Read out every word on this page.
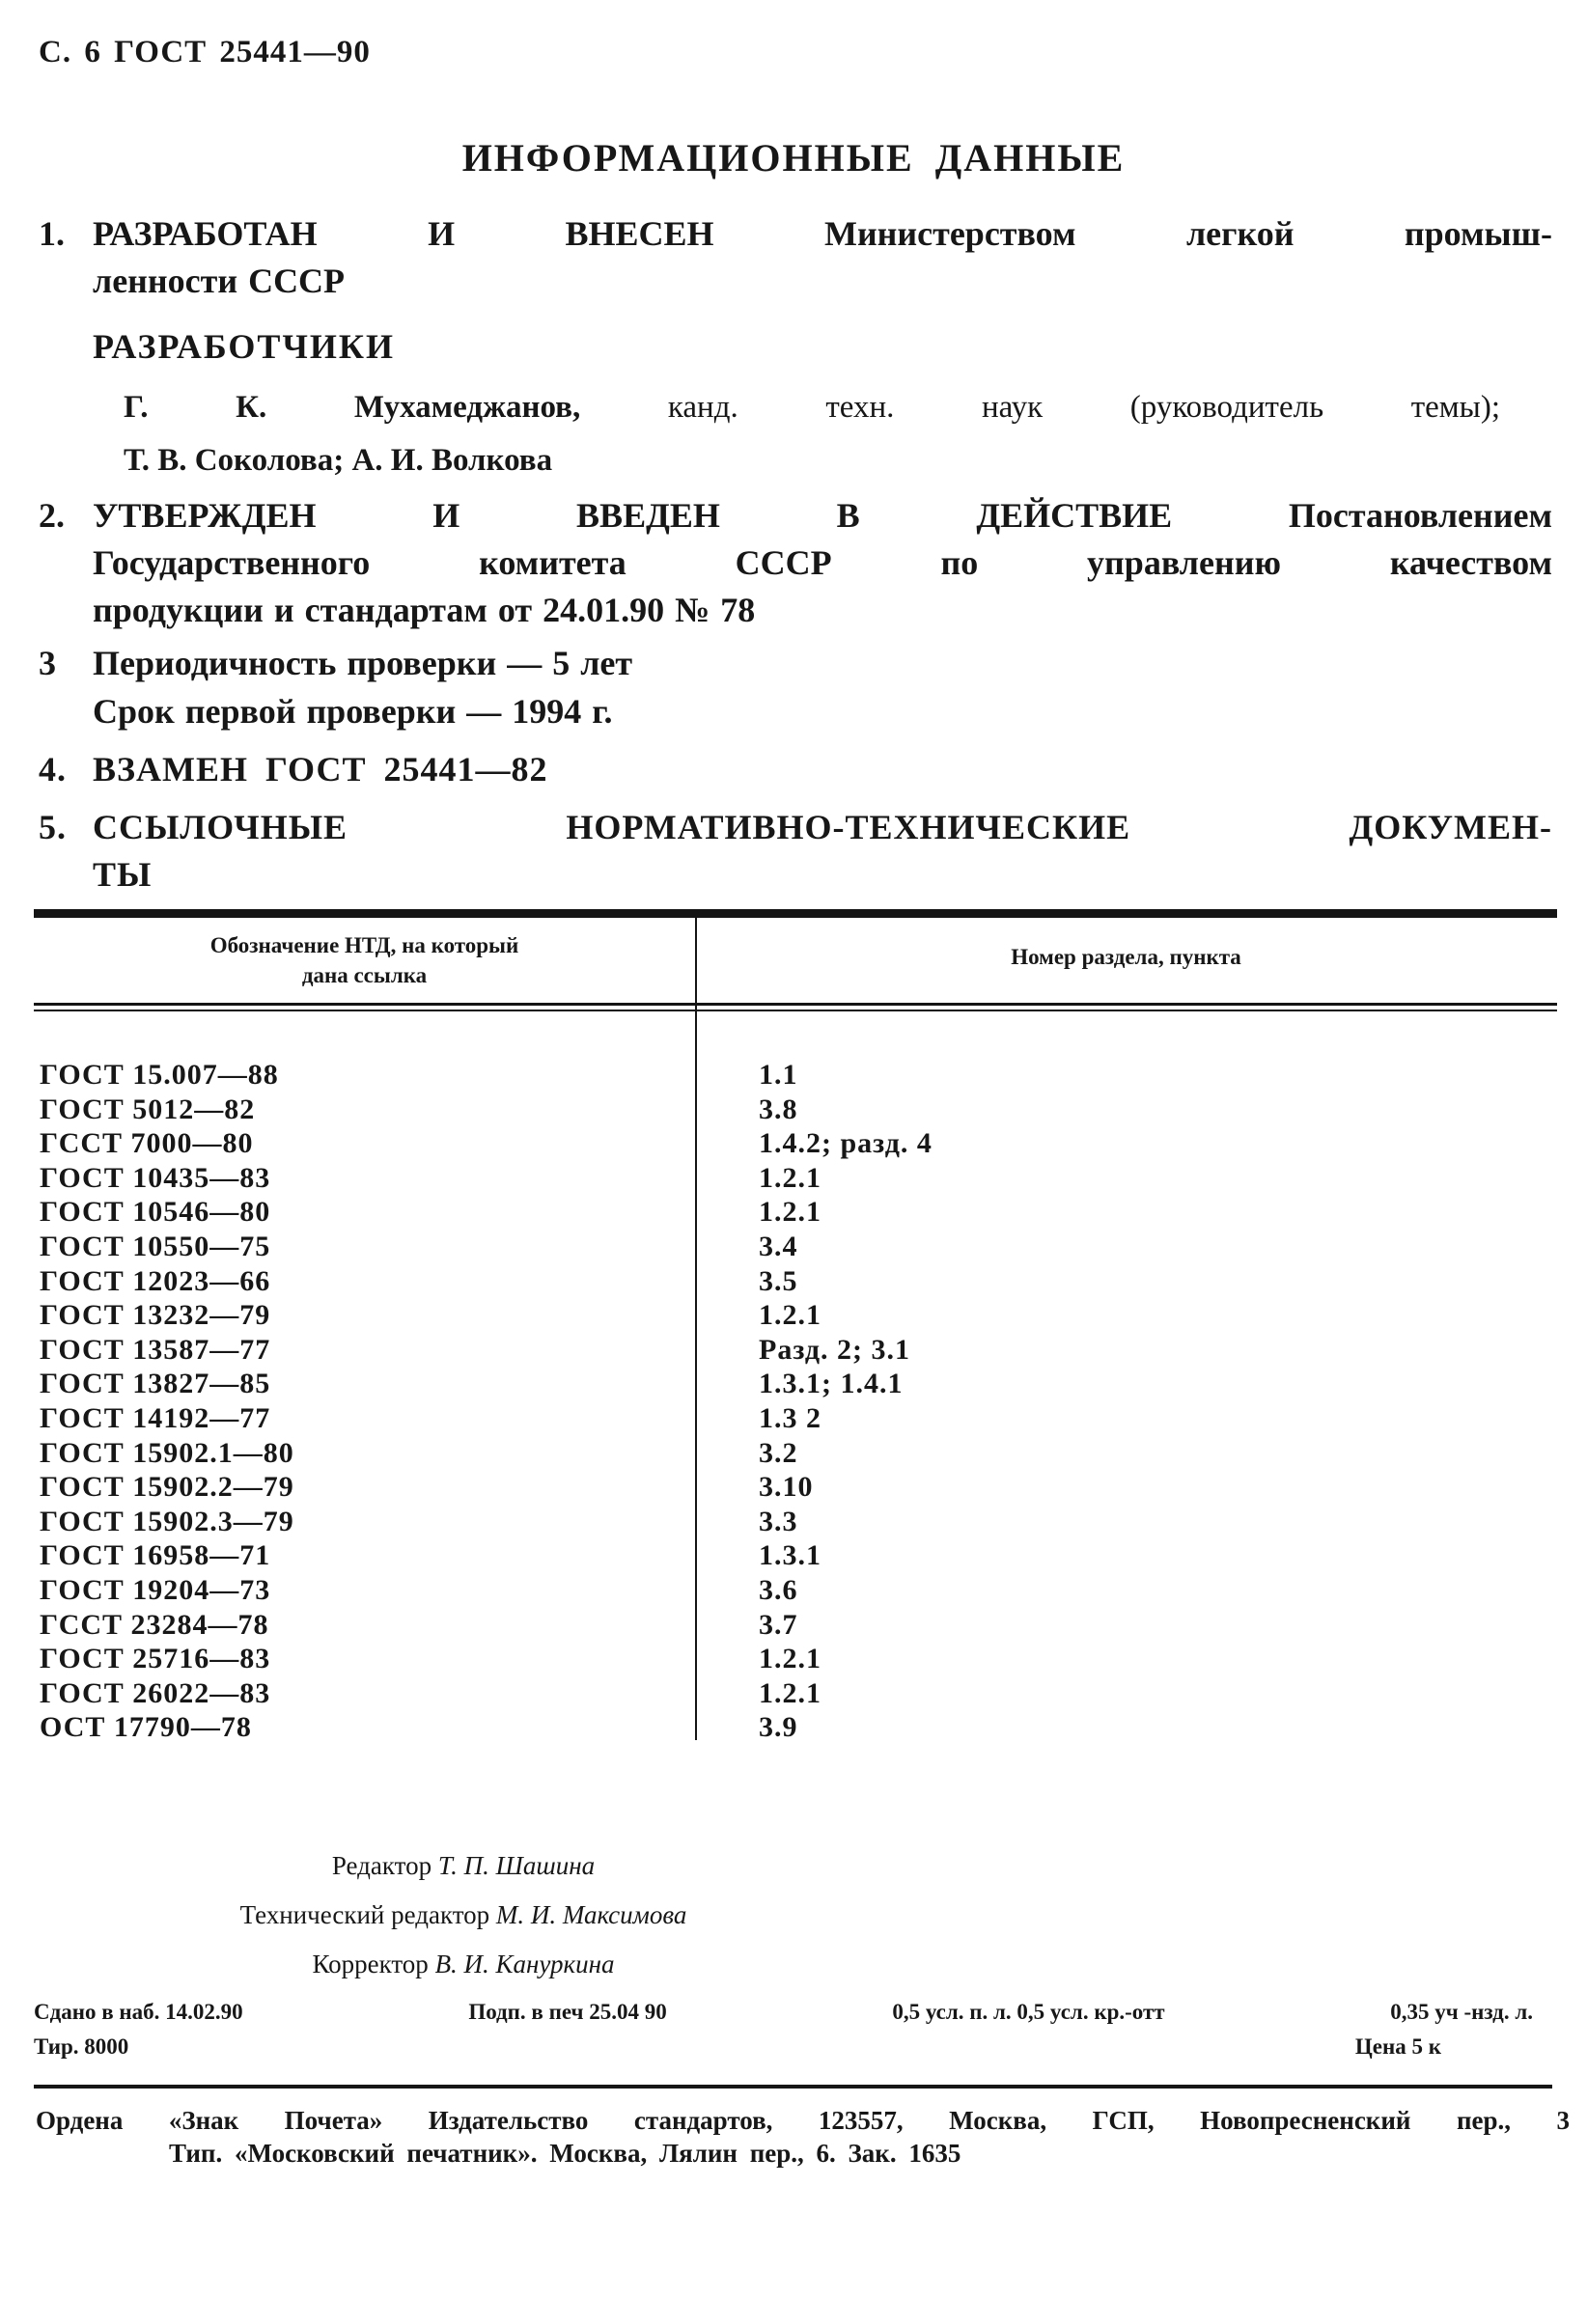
С. 6 ГОСТ 25441—90
ИНФОРМАЦИОННЫЕ ДАННЫЕ
1. РАЗРАБОТАН И ВНЕСЕН Министерством легкой промыш-
ленности СССР
РАЗРАБОТЧИКИ
Г. К. Мухамеджанов,	канд. техн. наук (руководитель темы);
Т. В. Соколова; А. И. Волкова
2. УТВЕРЖДЕН И ВВЕДЕН В ДЕЙСТВИЕ Постановлением
Государственного комитета СССР по управлению качеством
продукции и стандартам от 24.01.90 № 78
3 Периодичность проверки — 5 лет
Срок первой проверки — 1994 г.
4. ВЗАМЕН ГОСТ 25441—82
5. ССЫЛОЧНЫЕ НОРМАТИВНО-ТЕХНИЧЕСКИЕ ДОКУМЕН-
ТЫ
Обозначение НТД, на который
дана ссылка
Номер раздела, пункта
ГОСТ 15.007—88	1.1
ГОСТ 5012—82	3.8
ГССТ 7000—80	1.4.2; разд. 4
ГОСТ 10435—83	1.2.1
ГОСТ 10546—80	1.2.1
ГОСТ 10550—75	3.4
ГОСТ 12023—66	3.5
ГОСТ 13232—79	1.2.1
ГОСТ 13587—77	Разд. 2; 3.1
ГОСТ 13827—85	1.3.1; 1.4.1
ГОСТ 14192—77	1.3 2
ГОСТ 15902.1—80	3.2
ГОСТ 15902.2—79	3.10
ГОСТ 15902.3—79	3.3
ГОСТ 16958—71	1.3.1
ГОСТ 19204—73	3.6
ГССТ 23284—78	3.7
ГОСТ 25716—83	1.2.1
ГОСТ 26022—83	1.2.1
ОСТ 17790—78	3.9
Редактор Т. П. Шашина
Технический редактор М. И. Максимова
Корректор В. И. Кануркина
Сдано в наб. 14.02.90	Подп. в печ 25.04 90	0,5 усл. п. л. 0,5 усл. кр.-отт	0,35 уч -нзд. л.
Тир. 8000	Цена 5 к
Ордена «Знак Почета» Издательство стандартов, 123557, Москва, ГСП, Новопресненский пер., 3
Тип. «Московский печатник». Москва, Лялин пер., 6. Зак. 1635
